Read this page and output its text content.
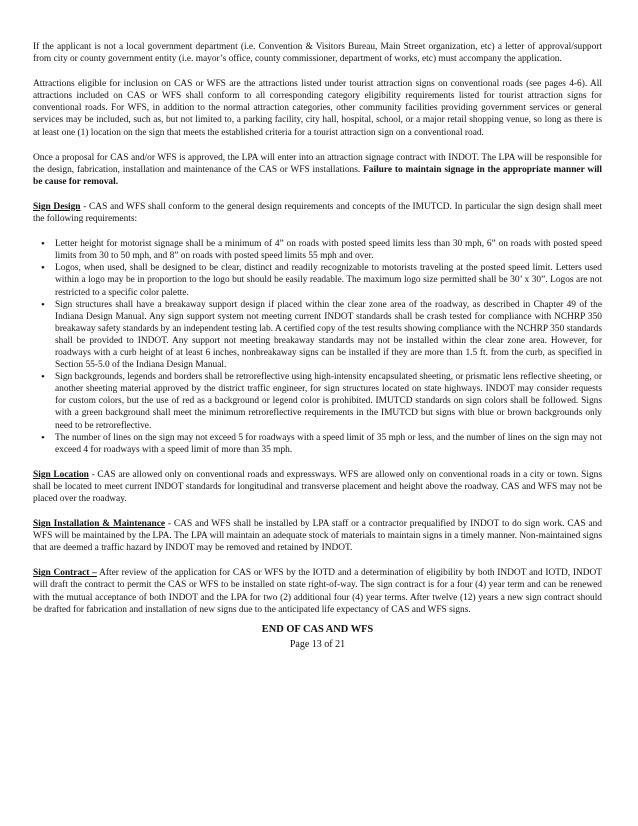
If the applicant is not a local government department (i.e. Convention & Visitors Bureau, Main Street organization, etc) a letter of approval/support from city or county government entity (i.e. mayor’s office, county commissioner, department of works, etc) must accompany the application.

Attractions eligible for inclusion on CAS or WFS are the attractions listed under tourist attraction signs on conventional roads (see pages 4-6). All attractions included on CAS or WFS shall conform to all corresponding category eligibility requirements listed for tourist attraction signs for conventional roads. For WFS, in addition to the normal attraction categories, other community facilities providing government services or general services may be included, such as, but not limited to, a parking facility, city hall, hospital, school, or a major retail shopping venue, so long as there is at least one (1) location on the sign that meets the established criteria for a tourist attraction sign on a conventional road.

Once a proposal for CAS and/or WFS is approved, the LPA will enter into an attraction signage contract with INDOT. The LPA will be responsible for the design, fabrication, installation and maintenance of the CAS or WFS installations. Failure to maintain signage in the appropriate manner will be cause for removal.

Sign Design - CAS and WFS shall conform to the general design requirements and concepts of the IMUTCD. In particular the sign design shall meet the following requirements:

• Letter height for motorist signage shall be a minimum of 4” on roads with posted speed limits less than 30 mph, 6” on roads with posted speed limits from 30 to 50 mph, and 8” on roads with posted speed limits 55 mph and over.
• Logos, when used, shall be designed to be clear, distinct and readily recognizable to motorists traveling at the posted speed limit. Letters used within a logo may be in proportion to the logo but should be easily readable. The maximum logo size permitted shall be 30’ x 30”. Logos are not restricted to a specific color palette.
• Sign structures shall have a breakaway support design if placed within the clear zone area of the roadway, as described in Chapter 49 of the Indiana Design Manual. Any sign support system not meeting current INDOT standards shall be crash tested for compliance with NCHRP 350 breakaway safety standards by an independent testing lab. A certified copy of the test results showing compliance with the NCHRP 350 standards shall be provided to INDOT. Any support not meeting breakaway standards may not be installed within the clear zone area. However, for roadways with a curb height of at least 6 inches, nonbreakaway signs can be installed if they are more than 1.5 ft. from the curb, as specified in Section 55-5.0 of the Indiana Design Manual.
• Sign backgrounds, legends and borders shall be retroreflective using high-intensity encapsulated sheeting, or prismatic lens reflective sheeting, or another sheeting material approved by the district traffic engineer, for sign structures located on state highways. INDOT may consider requests for custom colors, but the use of red as a background or legend color is prohibited. IMUTCD standards on sign colors shall be followed. Signs with a green background shall meet the minimum retroreflective requirements in the IMUTCD but signs with blue or brown backgrounds only need to be retroreflective.
• The number of lines on the sign may not exceed 5 for roadways with a speed limit of 35 mph or less, and the number of lines on the sign may not exceed 4 for roadways with a speed limit of more than 35 mph.

Sign Location - CAS are allowed only on conventional roads and expressways. WFS are allowed only on conventional roads in a city or town. Signs shall be located to meet current INDOT standards for longitudinal and transverse placement and height above the roadway. CAS and WFS may not be placed over the roadway.

Sign Installation & Maintenance - CAS and WFS shall be installed by LPA staff or a contractor prequalified by INDOT to do sign work. CAS and WFS will be maintained by the LPA. The LPA will maintain an adequate stock of materials to maintain signs in a timely manner. Non-maintained signs that are deemed a traffic hazard by INDOT may be removed and retained by INDOT.

Sign Contract – After review of the application for CAS or WFS by the IOTD and a determination of eligibility by both INDOT and IOTD, INDOT will draft the contract to permit the CAS or WFS to be installed on state right-of-way. The sign contract is for a four (4) year term and can be renewed with the mutual acceptance of both INDOT and the LPA for two (2) additional four (4) year terms. After twelve (12) years a new sign contract should be drafted for fabrication and installation of new signs due to the anticipated life expectancy of CAS and WFS signs.

END OF CAS AND WFS
Page 13 of 21
